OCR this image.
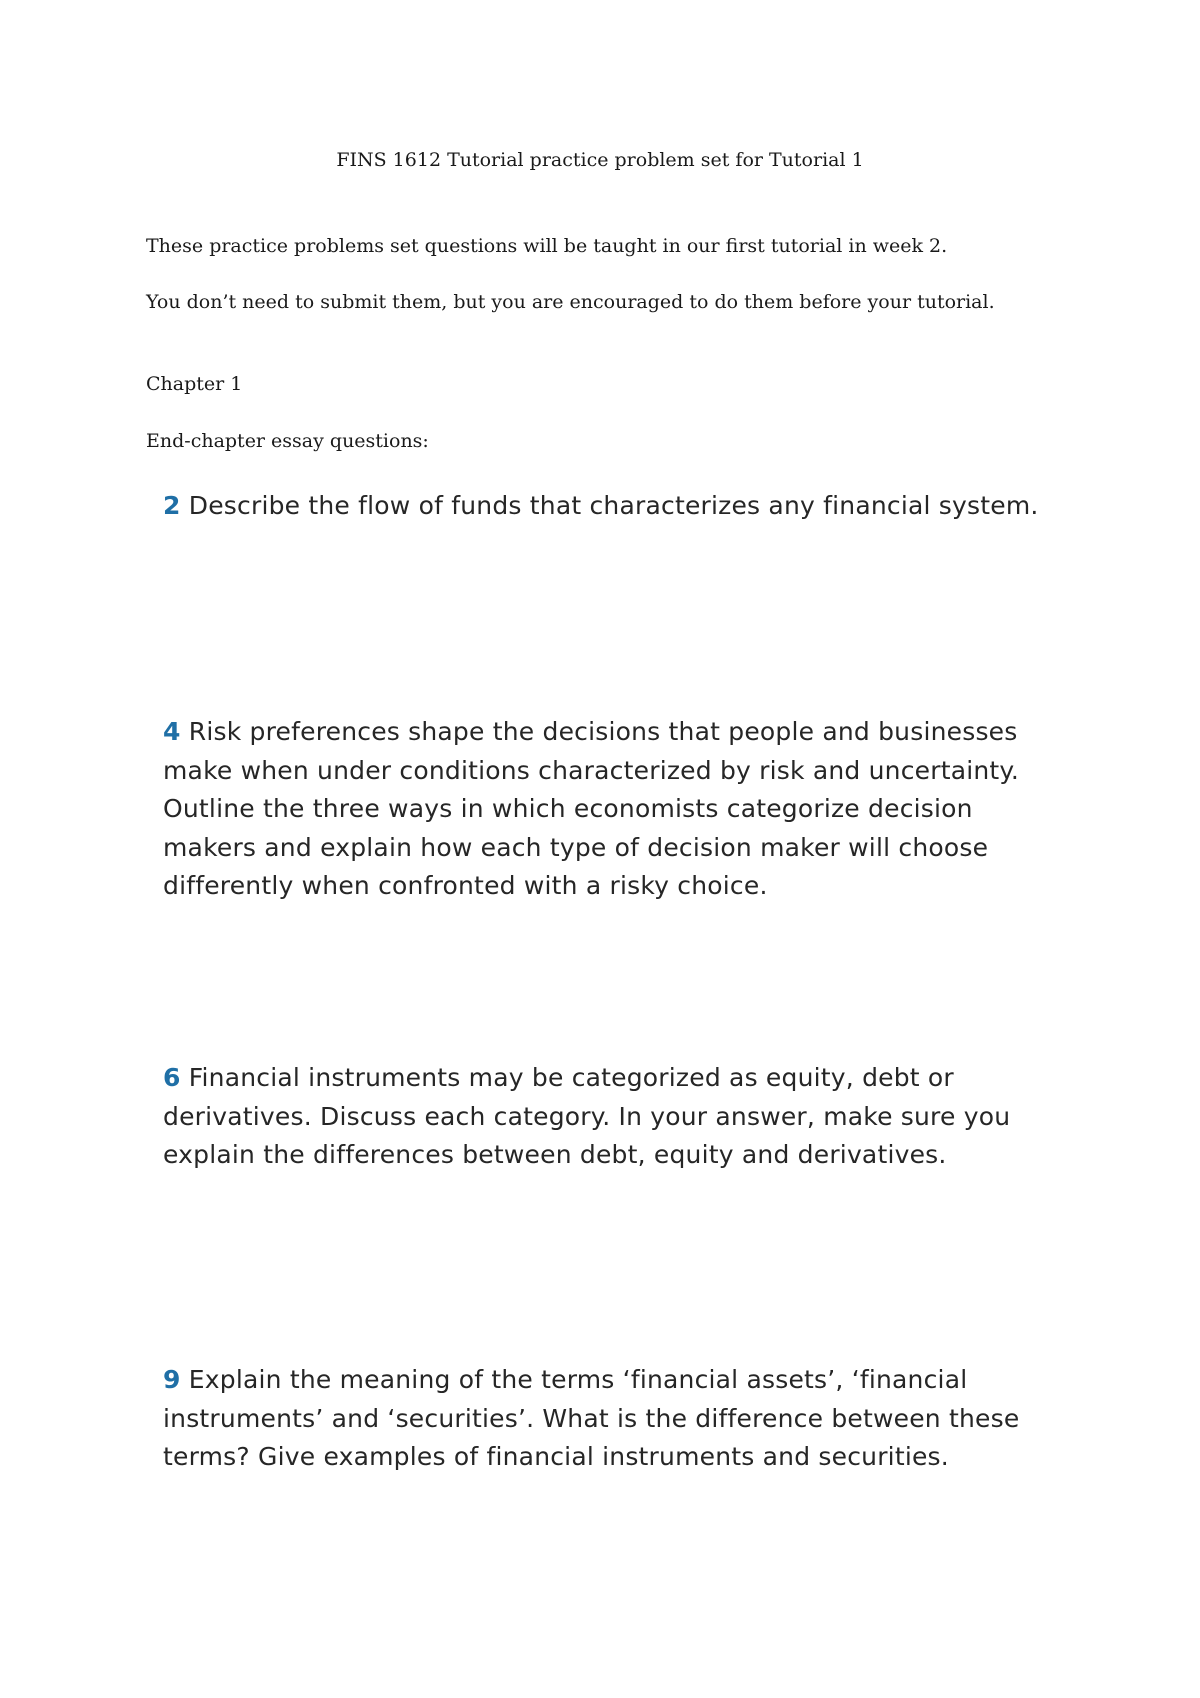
FINS 1612 Tutorial practice problem set for Tutorial 1

These practice problems set questions will be taught in our first tutorial in week 2.

You don’t need to submit them, but you are encouraged to do them before your tutorial.

Chapter 1

End-chapter essay questions:

2 Describe the flow of funds that characterizes any financial system.

4 Risk preferences shape the decisions that people and businesses make when under conditions characterized by risk and uncertainty. Outline the three ways in which economists categorize decision makers and explain how each type of decision maker will choose differently when confronted with a risky choice.

6 Financial instruments may be categorized as equity, debt or derivatives. Discuss each category. In your answer, make sure you explain the differences between debt, equity and derivatives.

9 Explain the meaning of the terms ‘financial assets’, ‘financial instruments’ and ‘securities’. What is the difference between these terms? Give examples of financial instruments and securities.
